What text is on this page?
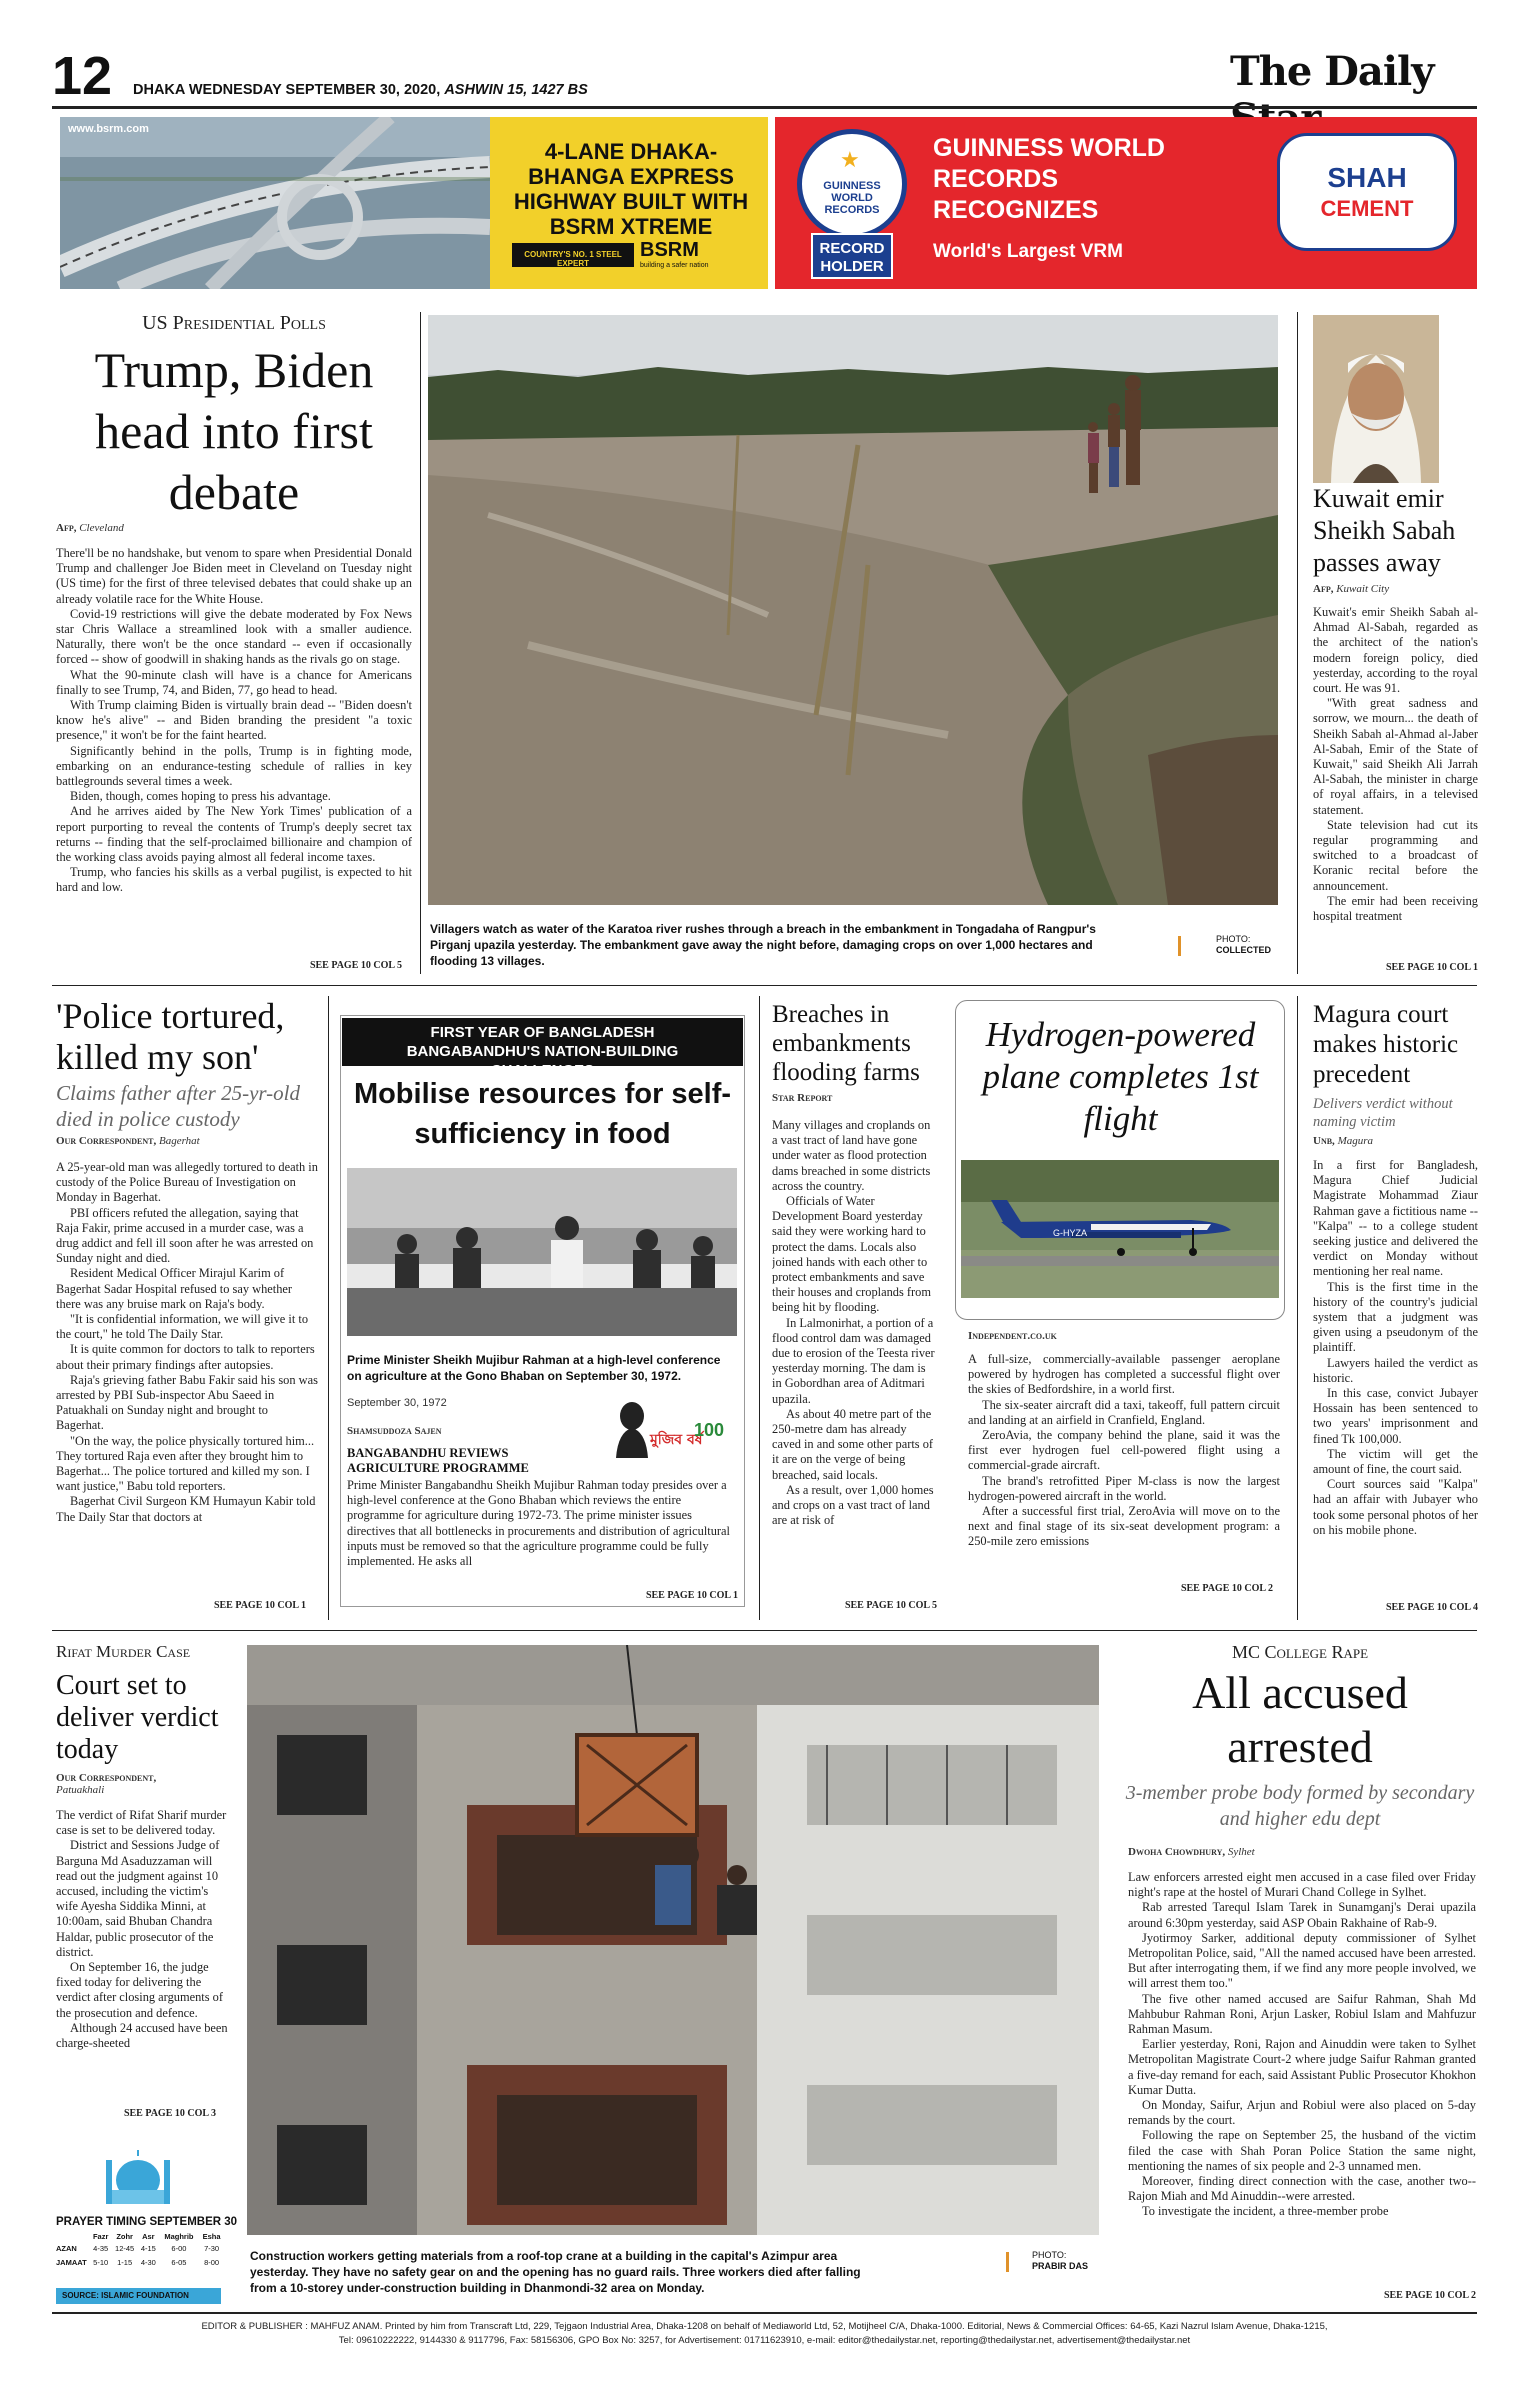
12 DHAKA WEDNESDAY SEPTEMBER 30, 2020, ASHWIN 15, 1427 BS	The Daily
www.bsrm.com
4-LANE DHAKA-BHANGA EXPRESS HIGHWAY BUILT WITH BSRM XTREME
COUNTRY'S NO. 1 STEEL EXPERT
BSRM
building a safer nation
★
GUINNESS WORLD RECORDS
RECORD HOLDER
GUINNESS WORLD RECORDS RECOGNIZES
World's Largest VRM
SHAH
CEMENT
US Presidential Polls
Trump, Biden head into first debate
Afp, Cleveland

There'll be no handshake, but venom to spare when Presidential Donald Trump and challenger Joe Biden meet in Cleveland on Tuesday night (US time) for the first of three televised debates that could shake up an already volatile race for the White House.

Covid-19 restrictions will give the debate moderated by Fox News star Chris Wallace a streamlined look with a smaller audience. Naturally, there won't be the once standard -- even if occasionally forced -- show of goodwill in shaking hands as the rivals go on stage.

What the 90-minute clash will have is a chance for Americans finally to see Trump, 74, and Biden, 77, go head to head.

With Trump claiming Biden is virtually brain dead -- "Biden doesn't know he's alive" -- and Biden branding the president "a toxic presence," it won't be for the faint hearted.

Significantly behind in the polls, Trump is in fighting mode, embarking on an endurance-testing schedule of rallies in key battlegrounds several times a week.

Biden, though, comes hoping to press his advantage.

And he arrives aided by The New York Times' publication of a report purporting to reveal the contents of Trump's deeply secret tax returns -- finding that the self-proclaimed billionaire and champion of the working class avoids paying almost all federal income taxes.

Trump, who fancies his skills as a verbal pugilist, is expected to hit hard and low.

SEE PAGE 10 COL 5
Villagers watch as water of the Karatoa river rushes through a breach in the embankment in Tongadaha of Rangpur's Pirganj upazila yesterday. The embankment gave away the night before, damaging crops on over 1,000 hectares and flooding 13 villages.
PHOTO:
COLLECTED
Kuwait emir Sheikh Sabah passes away
Afp, Kuwait City

Kuwait's emir Sheikh Sabah al-Ahmad Al-Sabah, regarded as the architect of the nation's modern foreign policy, died yesterday, according to the royal court. He was 91.

"With great sadness and sorrow, we mourn... the death of Sheikh Sabah al-Ahmad al-Jaber Al-Sabah, Emir of the State of Kuwait," said Sheikh Ali Jarrah Al-Sabah, the minister in charge of royal affairs, in a televised statement.

State television had cut its regular programming and switched to a broadcast of Koranic recital before the announcement.

The emir had been receiving hospital treatment

SEE PAGE 10 COL 1
'Police tortured, killed my son'
Claims father after 25-yr-old died in police custody
Our Correspondent, Bagerhat

A 25-year-old man was allegedly tortured to death in custody of the Police Bureau of Investigation on Monday in Bagerhat.

PBI officers refuted the allegation, saying that Raja Fakir, prime accused in a murder case, was a drug addict and fell ill soon after he was arrested on Sunday night and died.

Resident Medical Officer Mirajul Karim of Bagerhat Sadar Hospital refused to say whether there was any bruise mark on Raja's body.

"It is confidential information, we will give it to the court," he told The Daily Star.

It is quite common for doctors to talk to reporters about their primary findings after autopsies.

Raja's grieving father Babu Fakir said his son was arrested by PBI Sub-inspector Abu Saeed in Patuakhali on Sunday night and brought to Bagerhat.

"On the way, the police physically tortured him... They tortured Raja even after they brought him to Bagerhat... The police tortured and killed my son. I want justice," Babu told reporters.

Bagerhat Civil Surgeon KM Humayun Kabir told The Daily Star that doctors at

SEE PAGE 10 COL 1
FIRST YEAR OF BANGLADESH BANGABANDHU'S NATION-BUILDING CHALLENGES
Mobilise resources for self-sufficiency in food
Prime Minister Sheikh Mujibur Rahman at a high-level conference on agriculture at the Gono Bhaban on September 30, 1972.
September 30, 1972
Shamsuddoza Sajen
মুজিব বর্ষ
100
BANGABANDHU REVIEWS AGRICULTURE PROGRAMME
Prime Minister Bangabandhu Sheikh Mujibur Rahman today presides over a high-level conference at the Gono Bhaban which reviews the entire programme for agriculture during 1972-73. The prime minister issues directives that all bottlenecks in procurements and distribution of agricultural inputs must be removed so that the agriculture programme could be fully implemented. He asks all
SEE PAGE 10 COL 1
Breaches in embankments flooding farms
Star Report

Many villages and croplands on a vast tract of land have gone under water as flood protection dams breached in some districts across the country.

Officials of Water Development Board yesterday said they were working hard to protect the dams. Locals also joined hands with each other to protect embankments and save their houses and croplands from being hit by flooding.

In Lalmonirhat, a portion of a flood control dam was damaged due to erosion of the Teesta river yesterday morning. The dam is in Gobordhan area of Aditmari upazila.

As about 40 metre part of the 250-metre dam has already caved in and some other parts of it are on the verge of being breached, said locals.

As a result, over 1,000 homes and crops on a vast tract of land are at risk of

SEE PAGE 10 COL 5
Hydrogen-powered plane completes 1st flight
G-HYZA
Independent.co.uk

A full-size, commercially-available passenger aeroplane powered by hydrogen has completed a successful flight over the skies of Bedfordshire, in a world first.

The six-seater aircraft did a taxi, takeoff, full pattern circuit and landing at an airfield in Cranfield, England.

ZeroAvia, the company behind the plane, said it was the first ever hydrogen fuel cell-powered flight using a commercial-grade aircraft.

The brand's retrofitted Piper M-class is now the largest hydrogen-powered aircraft in the world.

After a successful first trial, ZeroAvia will move on to the next and final stage of its six-seat development program: a 250-mile zero emissions

SEE PAGE 10 COL 2
Magura court makes historic precedent
Delivers verdict without naming victim
Unb, Magura

In a first for Bangladesh, Magura Chief Judicial Magistrate Mohammad Ziaur Rahman gave a fictitious name -- "Kalpa" -- to a college student seeking justice and delivered the verdict on Monday without mentioning her real name.

This is the first time in the history of the country's judicial system that a judgment was given using a pseudonym of the plaintiff.

Lawyers hailed the verdict as historic.

In this case, convict Jubayer Hossain has been sentenced to two years' imprisonment and fined Tk 100,000.

The victim will get the amount of fine, the court said.

Court sources said "Kalpa" had an affair with Jubayer who took some personal photos of her on his mobile phone.

SEE PAGE 10 COL 4
Rifat Murder Case
Court set to deliver verdict today
Our Correspondent,
Patuakhali

The verdict of Rifat Sharif murder case is set to be delivered today.

District and Sessions Judge of Barguna Md Asaduzzaman will read out the judgment against 10 accused, including the victim's wife Ayesha Siddika Minni, at 10:00am, said Bhuban Chandra Haldar, public prosecutor of the district.

On September 16, the judge fixed today for delivering the verdict after closing arguments of the prosecution and defence.

Although 24 accused have been charge-sheeted

SEE PAGE 10 COL 3
PRAYER TIMING SEPTEMBER 30
	Fazr	Zohr	Asr	Maghrib	Esha
AZAN	4-35	12-45	4-15	6-00	7-30
JAMAAT	5-10	1-15	4-30	6-05	8-00
SOURCE: ISLAMIC FOUNDATION
Construction workers getting materials from a roof-top crane at a building in the capital's Azimpur area yesterday. They have no safety gear on and the opening has no guard rails. Three workers died after falling from a 10-storey under-construction building in Dhanmondi-32 area on Monday.
PHOTO:
PRABIR DAS
MC College Rape
All accused arrested
3-member probe body formed by secondary and higher edu dept
Dwoha Chowdhury, Sylhet

Law enforcers arrested eight men accused in a case filed over Friday night's rape at the hostel of Murari Chand College in Sylhet.

Rab arrested Tarequl Islam Tarek in Sunamganj's Derai upazila around 6:30pm yesterday, said ASP Obain Rakhaine of Rab-9.

Jyotirmoy Sarker, additional deputy commissioner of Sylhet Metropolitan Police, said, "All the named accused have been arrested. But after interrogating them, if we find any more people involved, we will arrest them too."

The five other named accused are Saifur Rahman, Shah Md Mahbubur Rahman Roni, Arjun Lasker, Robiul Islam and Mahfuzur Rahman Masum.

Earlier yesterday, Roni, Rajon and Ainuddin were taken to Sylhet Metropolitan Magistrate Court-2 where judge Saifur Rahman granted a five-day remand for each, said Assistant Public Prosecutor Khokhon Kumar Dutta.

On Monday, Saifur, Arjun and Robiul were also placed on 5-day remands by the court.

Following the rape on September 25, the husband of the victim filed the case with Shah Poran Police Station the same night, mentioning the names of six people and 2-3 unnamed men.

Moreover, finding direct connection with the case, another two--Rajon Miah and Md Ainuddin--were arrested.

To investigate the incident, a three-member probe

SEE PAGE 10 COL 2
EDITOR & PUBLISHER : MAHFUZ ANAM. Printed by him from Transcraft Ltd, 229, Tejgaon Industrial Area, Dhaka-1208 on behalf of Mediaworld Ltd, 52, Motijheel C/A, Dhaka-1000. Editorial, News & Commercial Offices: 64-65, Kazi Nazrul Islam Avenue, Dhaka-1215,
Tel: 09610222222, 9144330 & 9117796, Fax: 58156306, GPO Box No: 3257, for Advertisement: 01711623910, e-mail: editor@thedailystar.net, reporting@thedailystar.net, advertisement@thedailystar.net
